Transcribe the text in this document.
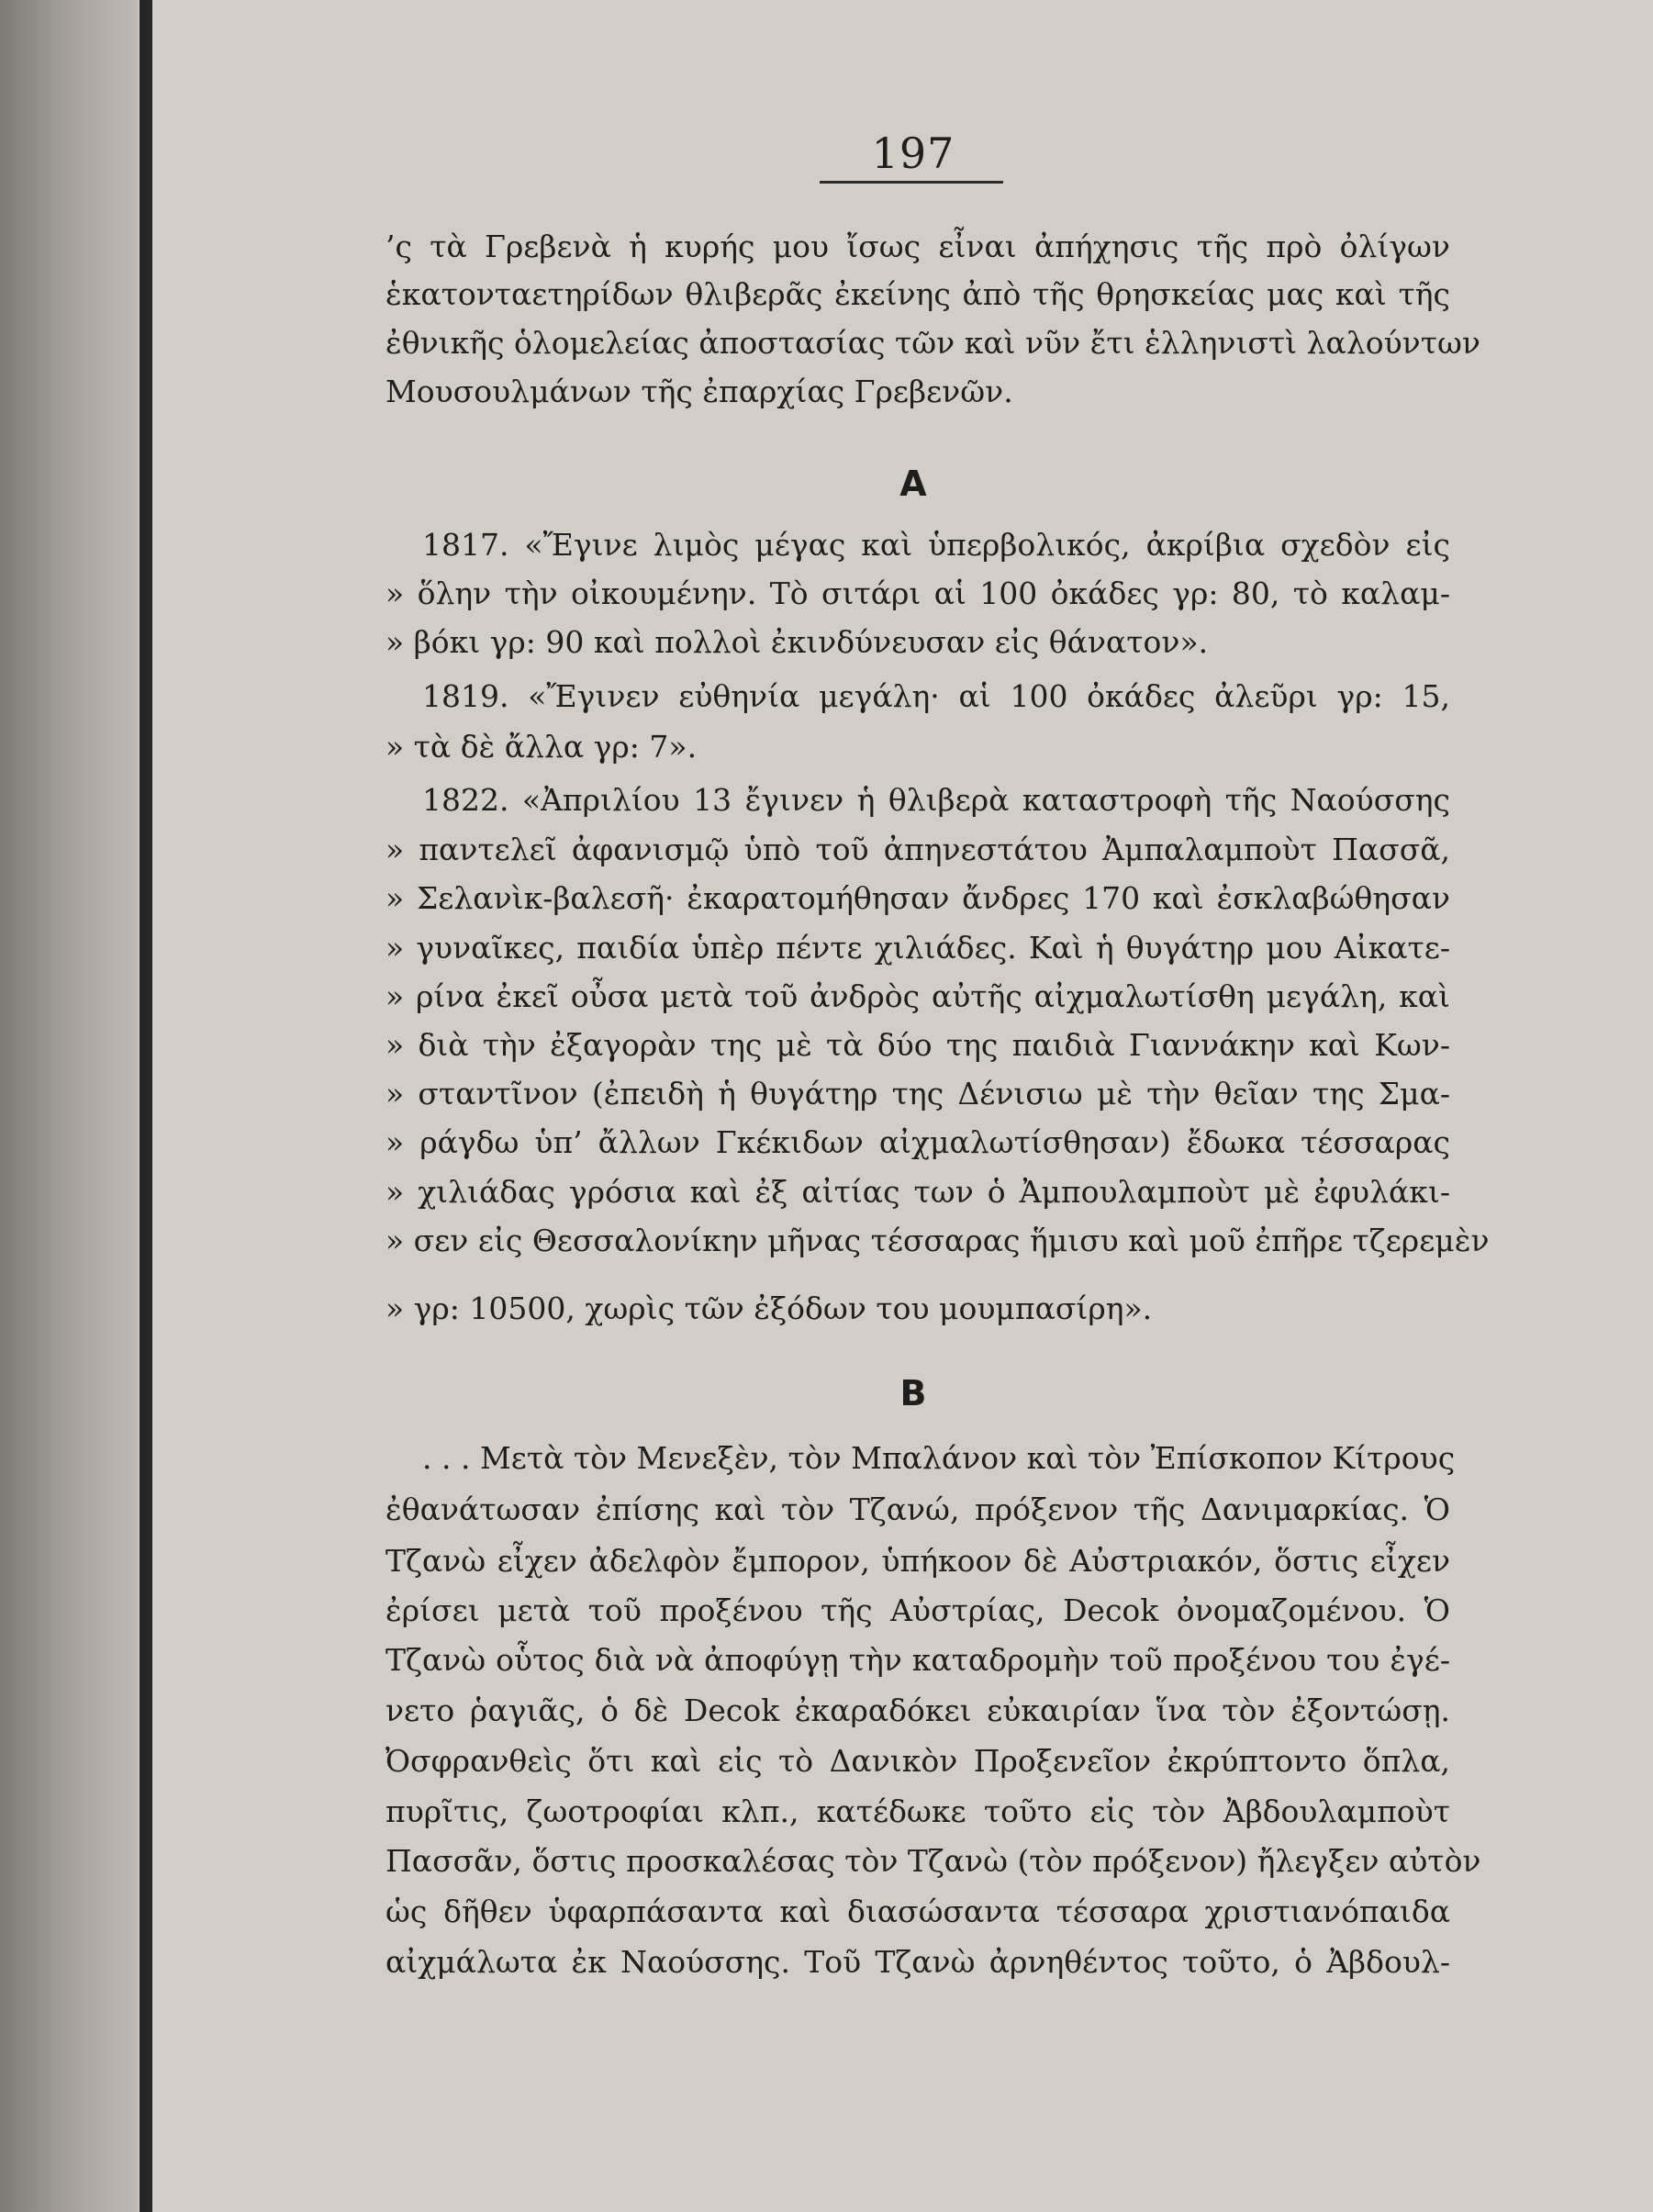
197
’ς τὰ Γρεβενὰ ἡ κυρής μου ἴσως εἶναι ἀπήχησις τῆς πρὸ ὀλίγων
ἑκατονταετηρίδων θλιβερᾶς ἐκείνης ἀπὸ τῆς θρησκείας μας καὶ τῆς
ἐθνικῆς ὁλομελείας ἀποστασίας τῶν καὶ νῦν ἔτι ἑλληνιστὶ λαλούντων
Μουσουλμάνων τῆς ἐπαρχίας Γρεβενῶν.
A
1817. «Ἔγινε λιμὸς μέγας καὶ ὑπερβολικός, ἀκρίβια σχεδὸν εἰς
» ὅλην τὴν οἰκουμένην. Τὸ σιτάρι αἱ 100 ὀκάδες γρ: 80, τὸ καλαμ-
» βόκι γρ: 90 καὶ πολλοὶ ἐκινδύνευσαν εἰς θάνατον».
1819. «Ἔγινεν εὐθηνία μεγάλη· αἱ 100 ὀκάδες ἀλεῦρι γρ: 15,
» τὰ δὲ ἄλλα γρ: 7».
1822. «Ἀπριλίου 13 ἔγινεν ἡ θλιβερὰ καταστροφὴ τῆς Ναούσσης
» παντελεῖ ἀφανισμῷ ὑπὸ τοῦ ἀπηνεστάτου Ἀμπαλαμποὺτ Πασσᾶ,
» Σελανὶκ-βαλεσῆ· ἐκαρατομήθησαν ἄνδρες 170 καὶ ἐσκλαβώθησαν
» γυναῖκες, παιδία ὑπὲρ πέντε χιλιάδες. Καὶ ἡ θυγάτηρ μου Αἰκατε-
» ρίνα ἐκεῖ οὖσα μετὰ τοῦ ἀνδρὸς αὐτῆς αἰχμαλωτίσθη μεγάλη, καὶ
» διὰ τὴν ἐξαγορὰν της μὲ τὰ δύο της παιδιὰ Γιαννάκην καὶ Κων-
» σταντῖνον (ἐπειδὴ ἡ θυγάτηρ της Δένισιω μὲ τὴν θεῖαν της Σμα-
» ράγδω ὑπ’ ἄλλων Γκέκιδων αἰχμαλωτίσθησαν) ἔδωκα τέσσαρας
» χιλιάδας γρόσια καὶ ἐξ αἰτίας των ὁ Ἀμπουλαμποὺτ μὲ ἐφυλάκι-
» σεν εἰς Θεσσαλονίκην μῆνας τέσσαρας ἥμισυ καὶ μοῦ ἐπῆρε τζερεμὲν
» γρ: 10500, χωρὶς τῶν ἐξόδων του μουμπασίρη».
B
. . . Μετὰ τὸν Μενεξὲν, τὸν Μπαλάνον καὶ τὸν Ἐπίσκοπον Κίτρους
ἐθανάτωσαν ἐπίσης καὶ τὸν Τζανώ, πρόξενον τῆς Δανιμαρκίας. Ὁ
Τζανὼ εἶχεν ἀδελφὸν ἔμπορον, ὑπήκοον δὲ Αὐστριακόν, ὅστις εἶχεν
ἐρίσει μετὰ τοῦ προξένου τῆς Αὐστρίας, Decok ὀνομαζομένου. Ὁ
Τζανὼ οὗτος διὰ νὰ ἀποφύγῃ τὴν καταδρομὴν τοῦ προξένου του ἐγέ-
νετο ῥαγιᾶς, ὁ δὲ Decok ἐκαραδόκει εὐκαιρίαν ἵνα τὸν ἐξοντώσῃ.
Ὀσφρανθεὶς ὅτι καὶ εἰς τὸ Δανικὸν Προξενεῖον ἐκρύπτοντο ὅπλα,
πυρῖτις, ζωοτροφίαι κλπ., κατέδωκε τοῦτο εἰς τὸν Ἀβδουλαμποὺτ
Πασσᾶν, ὅστις προσκαλέσας τὸν Τζανὼ (τὸν πρόξενον) ἤλεγξεν αὐτὸν
ὡς δῆθεν ὑφαρπάσαντα καὶ διασώσαντα τέσσαρα χριστιανόπαιδα
αἰχμάλωτα ἐκ Ναούσσης. Τοῦ Τζανὼ ἀρνηθέντος τοῦτο, ὁ Ἀβδουλ-
